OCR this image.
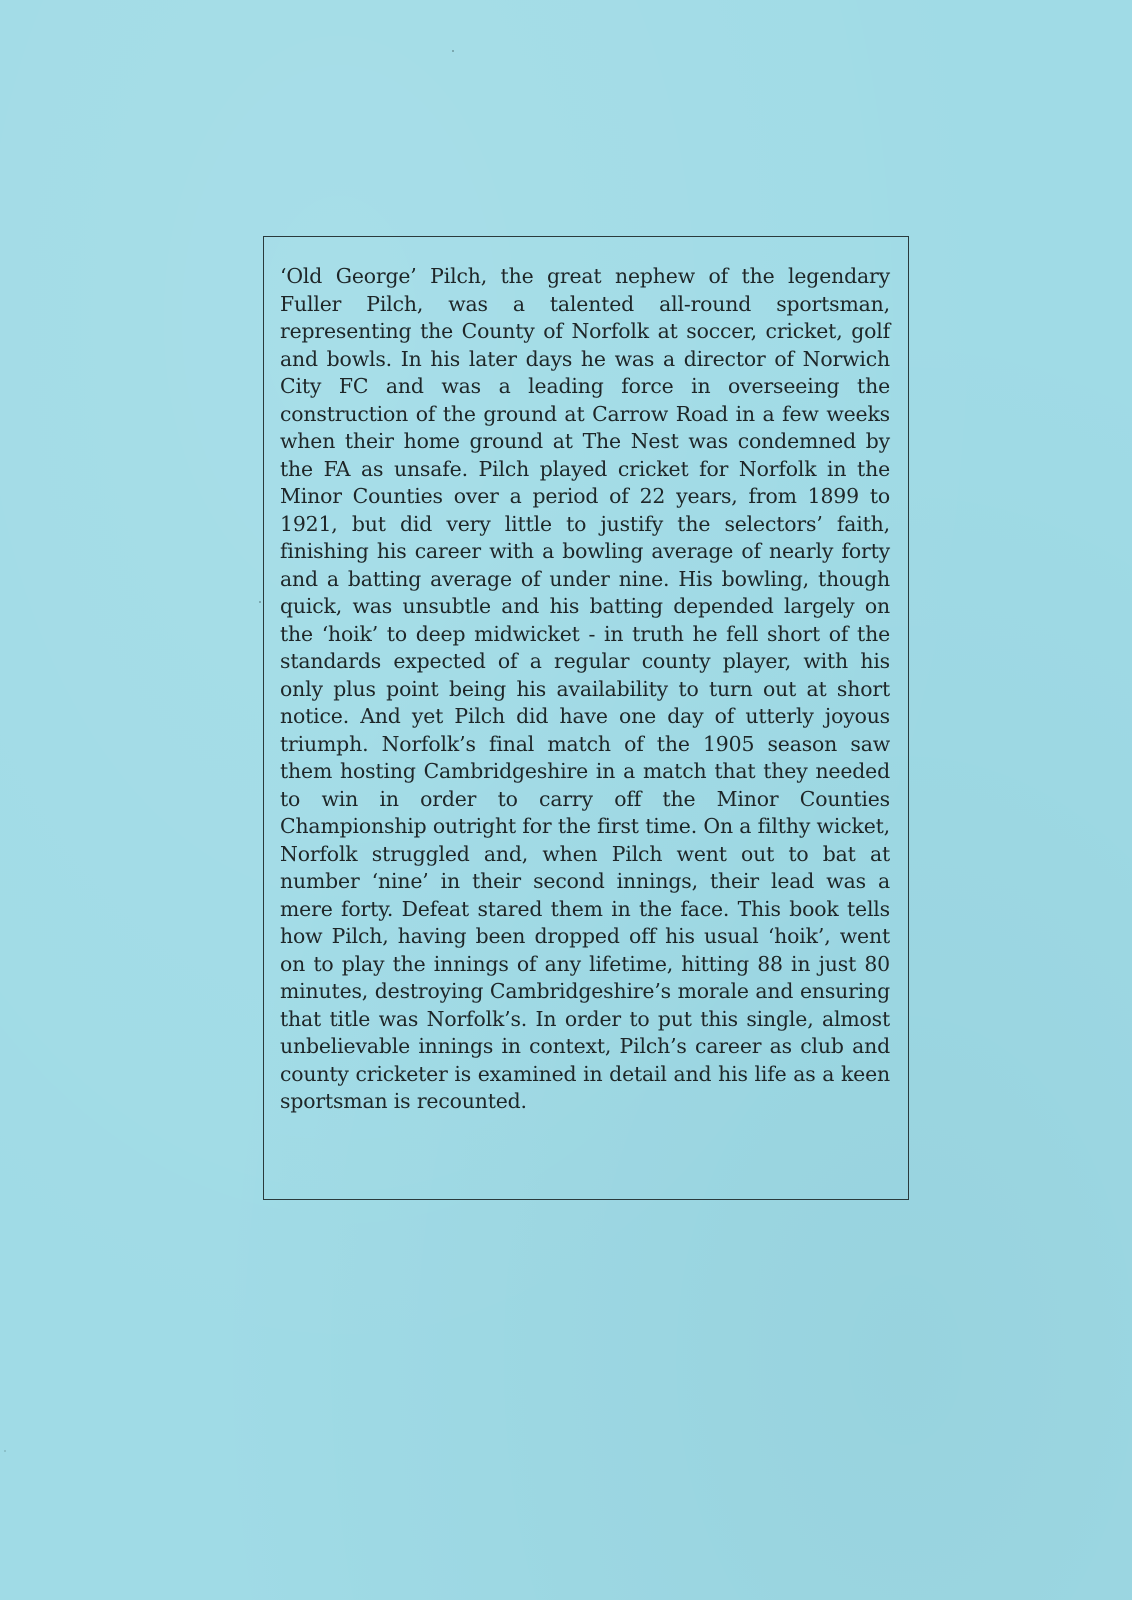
‘Old George’ Pilch, the great nephew of the legendary Fuller Pilch, was a talented all-round sportsman, representing the County of Norfolk at soccer, cricket, golf and bowls. In his later days he was a director of Norwich City FC and was a leading force in overseeing the construction of the ground at Carrow Road in a few weeks when their home ground at The Nest was condemned by the FA as unsafe. Pilch played cricket for Norfolk in the Minor Counties over a period of 22 years, from 1899 to 1921, but did very little to justify the selectors’ faith, finishing his career with a bowling average of nearly forty and a batting average of under nine. His bowling, though quick, was unsubtle and his batting depended largely on the ‘hoik’ to deep midwicket - in truth he fell short of the standards expected of a regular county player, with his only plus point being his availability to turn out at short notice. And yet Pilch did have one day of utterly joyous triumph. Norfolk’s final match of the 1905 season saw them hosting Cambridgeshire in a match that they needed to win in order to carry off the Minor Counties Championship outright for the first time. On a filthy wicket, Norfolk struggled and, when Pilch went out to bat at number ‘nine’ in their second innings, their lead was a mere forty. Defeat stared them in the face. This book tells how Pilch, having been dropped off his usual ‘hoik’, went on to play the innings of any lifetime, hitting 88 in just 80 minutes, destroying Cambridgeshire’s morale and ensuring that title was Norfolk’s. In order to put this single, almost unbelievable innings in context, Pilch’s career as club and county cricketer is examined in detail and his life as a keen sportsman is recounted.
